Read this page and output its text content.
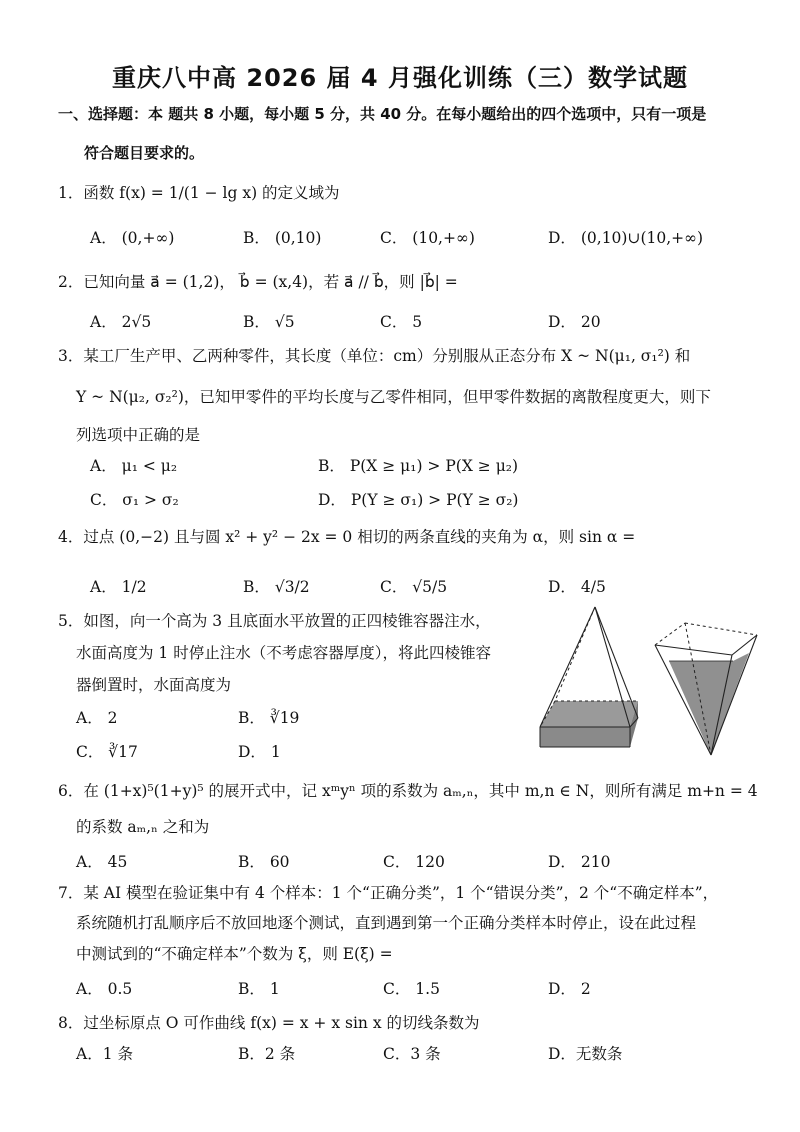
重庆八中高 2026 届 4 月强化训练（三）数学试题
一、选择题：本 题共 8 小题，每小题 5 分，共 40 分。在每小题给出的四个选项中，只有一项是
符合题目要求的。
1．函数 f(x) = 1/(1 − lg x) 的定义域为
A． (0,+∞)	B． (0,10)	C． (10,+∞)	D． (0,10)∪(10,+∞)
2．已知向量 a⃗ = (1,2)， b⃗ = (x,4)，若 a⃗ // b⃗，则 |b⃗| =
A． 2√5	B． √5	C． 5	D． 20
3．某工厂生产甲、乙两种零件，其长度（单位：cm）分别服从正态分布 X ~ N(μ₁, σ₁²) 和
Y ~ N(μ₂, σ₂²)，已知甲零件的平均长度与乙零件相同，但甲零件数据的离散程度更大，则下
列选项中正确的是
A． μ₁ < μ₂	B． P(X ≥ μ₁) > P(X ≥ μ₂)
C． σ₁ > σ₂	D． P(Y ≥ σ₁) > P(Y ≥ σ₂)
4．过点 (0,−2) 且与圆 x² + y² − 2x = 0 相切的两条直线的夹角为 α，则 sin α =
A． 1/2	B． √3/2	C． √5/5	D． 4/5
5．如图，向一个高为 3 且底面水平放置的正四棱锥容器注水，
水面高度为 1 时停止注水（不考虑容器厚度），将此四棱锥容
器倒置时，水面高度为
A． 2	B． ∛19
C． ∛17	D． 1
6．在 (1+x)⁵(1+y)⁵ 的展开式中，记 xᵐyⁿ 项的系数为 aₘ,ₙ，其中 m,n ∈ N，则所有满足 m+n = 4
的系数 aₘ,ₙ 之和为
A． 45	B． 60	C． 120	D． 210
7．某 AI 模型在验证集中有 4 个样本：1 个“正确分类”，1 个“错误分类”，2 个“不确定样本”，
系统随机打乱顺序后不放回地逐个测试，直到遇到第一个正确分类样本时停止，设在此过程
中测试到的“不确定样本”个数为 ξ，则 E(ξ) =
A． 0.5	B． 1	C． 1.5	D． 2
8．过坐标原点 O 可作曲线 f(x) = x + x sin x 的切线条数为
A．1 条	B．2 条	C．3 条	D．无数条
